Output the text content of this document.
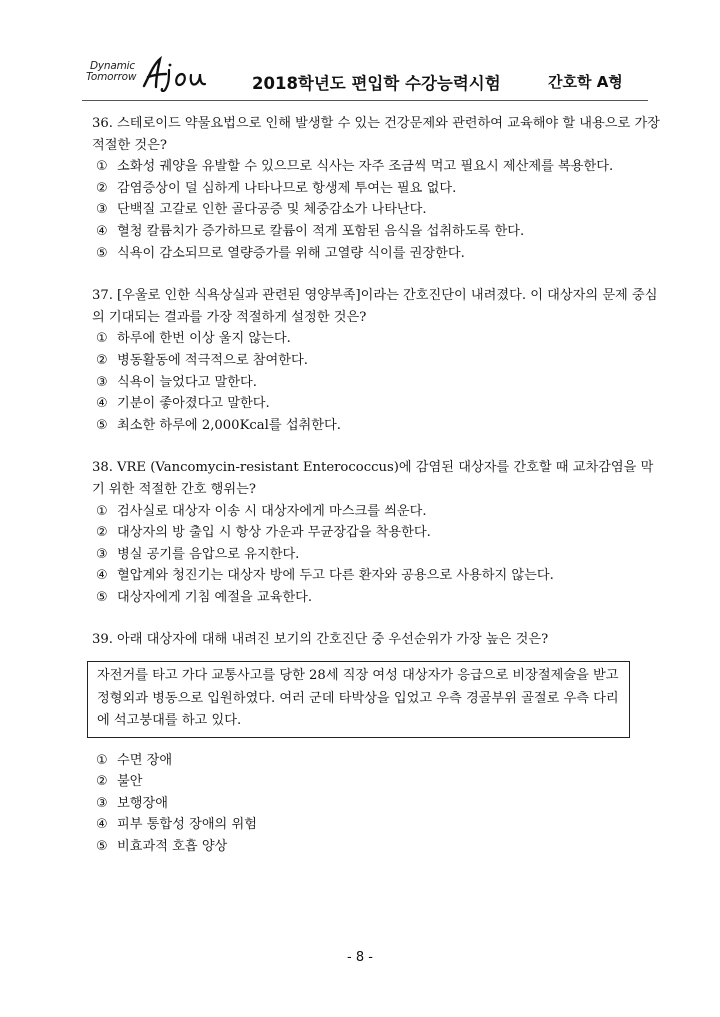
Dynamic
Tomorrow	2018학년도 편입학 수강능력시험	간호학 A형

36. 스테로이드 약물요법으로 인해 발생할 수 있는 건강문제와 관련하여 교육해야 할 내용으로 가장 적절한 것은?

① 소화성 궤양을 유발할 수 있으므로 식사는 자주 조금씩 먹고 필요시 제산제를 복용한다.
② 감염증상이 덜 심하게 나타나므로 항생제 투여는 필요 없다.
③ 단백질 고갈로 인한 골다공증 및 체중감소가 나타난다.
④ 혈청 칼륨치가 증가하므로 칼륨이 적게 포함된 음식을 섭취하도록 한다.
⑤ 식욕이 감소되므로 열량증가를 위해 고열량 식이를 권장한다.

37. [우울로 인한 식욕상실과 관련된 영양부족]이라는 간호진단이 내려졌다. 이 대상자의 문제 중심의 기대되는 결과를 가장 적절하게 설정한 것은?

① 하루에 한번 이상 울지 않는다.
② 병동활동에 적극적으로 참여한다.
③ 식욕이 늘었다고 말한다.
④ 기분이 좋아졌다고 말한다.
⑤ 최소한 하루에 2,000Kcal를 섭취한다.

38. VRE (Vancomycin-resistant Enterococcus)에 감염된 대상자를 간호할 때 교차감염을 막기 위한 적절한 간호 행위는?

① 검사실로 대상자 이송 시 대상자에게 마스크를 씌운다.
② 대상자의 방 출입 시 항상 가운과 무균장갑을 착용한다.
③ 병실 공기를 음압으로 유지한다.
④ 혈압계와 청진기는 대상자 방에 두고 다른 환자와 공용으로 사용하지 않는다.
⑤ 대상자에게 기침 예절을 교육한다.

39. 아래 대상자에 대해 내려진 보기의 간호진단 중 우선순위가 가장 높은 것은?

자전거를 타고 가다 교통사고를 당한 28세 직장 여성 대상자가 응급으로 비장절제술을 받고 정형외과 병동으로 입원하였다. 여러 군데 타박상을 입었고 우측 경골부위 골절로 우측 다리에 석고붕대를 하고 있다.
① 수면 장애
② 불안
③ 보행장애
④ 피부 통합성 장애의 위험
⑤ 비효과적 호흡 양상
- 8 -
